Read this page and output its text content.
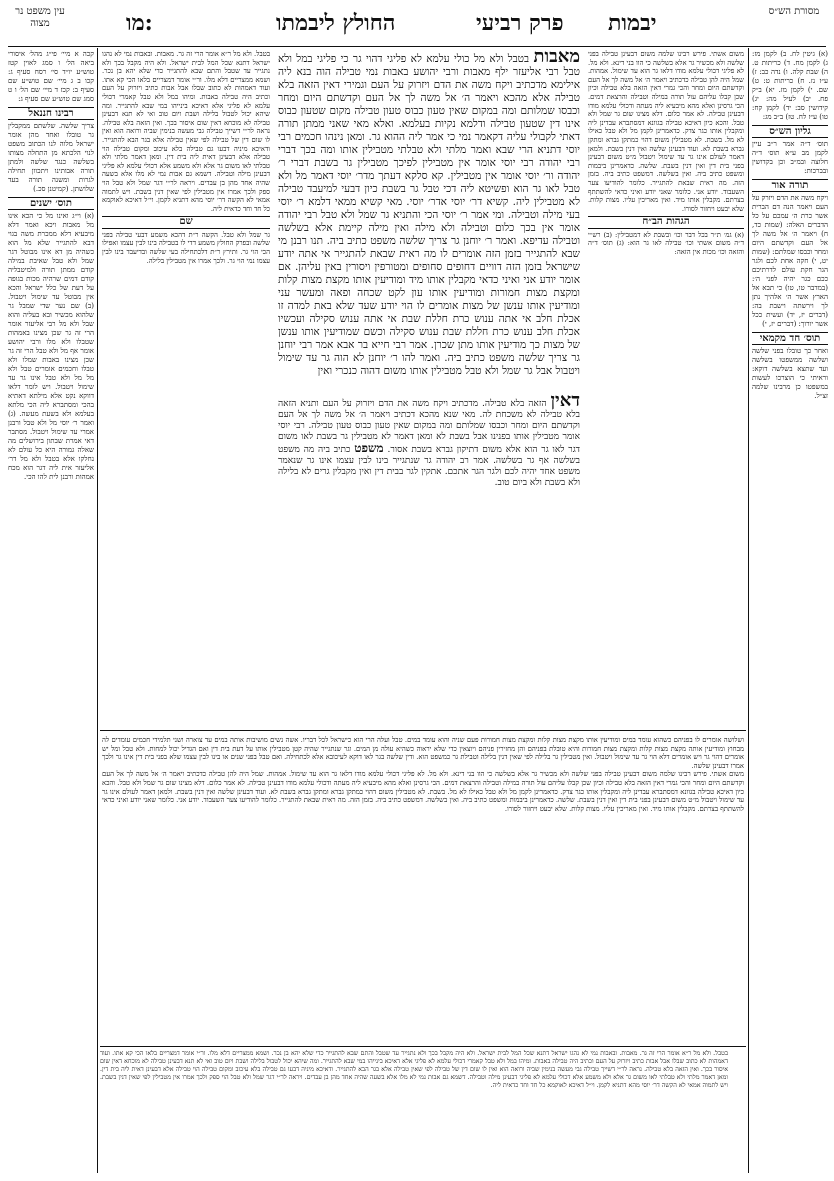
עין משפט נר מצוה	מו:	החולץ ליבמתו	פרק רביעי יבמות	מסורת הש״ס

קכה א מיי׳ פי״ג מהל׳ איסורי ביאה הל׳ ו סמג לאוין קטז טוש״ע יו״ד סי׳ רסח סעיף ג: קכו ב ג מיי׳ שם טוש״ע שם סעיף ב: קכז ד מיי׳ שם הל׳ ו ט סמג שם טוש״ע שם סעיף ג:

רבינו חננאל

צריך שלשה. שלשתם ממקבלין גר טובלו ואחד מהן אומר ישראל מלוה לנו הכתוב משפט לנוי הלכתא מן התחלה מצותו בשלשה כנגד שלשה ולמתן תורה אבותינו ויתכוון תחילה לגרות ומשנה תורה בעד שלושתן. (קמיטנן סכ.)

תוס׳ ישנים

(א) וי״ג ואינו מל כי הכא אינו מל מאבות ויכא ואמר דלא מיבעיא דלא ממכרת משה בגוי דבא להתגייר שלא מל הוא כשהיה מן דא אינו מבוטל דגר שמל ולא טבל שאיבת במילה קודם ממתן תורה ולמיטבליה קודם דמים שרהיה מכות בגופה על דעת של כלל ישראל והכא אין מבוטל עד שימול ויטבול. (ב) שם נער שדי שמבל גר שלהוא מכשיר ובא בעליה והוא שבל ולא מל רבי אליעזר אומר הרי זה גר שכן מצינו באמהות שטבלו ולא מלו ורבי יהושע אומר אף מל ולא טבל הרי זה גר שכן מצינו באבות שמלו ולא טבלו וחכמים אומרים טבל ולא מל מל ולא טבל אינו גר עד שימול ויטבול. ויש לומר דלאו דווקא נקט אלא מילתא דאתיא בהכי ומסתברא ליה הכי מלתא בעלמא ולא בשעת מעשה. (ג) ואמר ר׳ יוסי מל ולא טבל ורבנן אמרי עד שימול ויטבול. מסתבר דאי אמרת שבתון בירושלים מה שאלה גמורה היא כל עולם לא נחלקו אלא בטבל ולא מל דר׳ אליעזר אית ליה דגר הוא מכח אמהות ורבנן לית להו הכי.

בטבל. ולא מל ר״א אומר הרי זה גר. מאבות. ובאבות נמי לא נהגו ישראל דתנא שכל המל לבית ישראל. ולא היה מקבל בכך ולא נתגייר עד שטבל והתם שבא להתגייר כדי שלא יהא בן נכר. ושמא ממצריים דלא מלו. ור״י אומר דמצריים בלאו הכי קא אתו. ועוד דאמהות לא כתוב שבלו אבל אבות כתיב ויזרוק על העם וכתיב היה טבילה באבות. ומיהו במל ולא טבל קאמרי דכולי עלמא לא פליגי אלא דאיכא בינייהו במי שבא להתגייר. ומה שיהא יכול לטבול בלילה ושבת ויום טוב ואי לא תנא דבעינן טבילה לא מוכחא דאין שום איסור בכך. ואין הזאה בלא טבילה. נראה לר״י דשייך טבילה גבי מעשה בנימין שביה ורואה הוא ואין לו שום דין של טבילה לפי שאין טבילה אלא בגר הבא להתגייר. ודאיכא מיניה דבעו גם טבילה בלא עיכוב ומקום טבילה הוי טבילה אלא דבעינן דאית ליה בית דין. ומאן דאמר מלתי ולא טבלתי לאו משום גר אלא ולא משמע אלא דכולי עלמא לא פליגי דבעינן מילה וטבילה. דשמא גם אבות נמי לא מלו אלא בשעה שהיה אחד מהן בן עבדים. ויראה לר״י דגר שמל ולא טבל הוי ספק ולכך אמרו אין מטבילין לפי שאין דנין בשבת. ויש לתמוה אמאי לא הקשה דר׳ יוסי מהא דתניא לקמן. וי״ל דאיכא לאוקמא כל חד וחד כדאית ליה.

שם

גר שמל ולא טבל. הקשה ר״ת דהכא משמע דבעי טבילה בפני שלשה ובפרק החולץ משמע דדי לו בטבילה בינו לבין עצמו ואפילו הכי הוי גר. ותירץ ר״ת דלכתחילה בעי שלשה ובדיעבד בינו לבין עצמו נמי הוי גר. ולכך אמרו אין מטבילין בלילה.

מאבות בטבל ולא מל כולי עלמא לא פליגי דהוי גר כי פליגי במל ולא טבל רבי אליעזר ילף מאבות ורבי יהושע באבות נמי טבילה הוה בנא ליה אילימא מדכתיב ויקח משה את הדם ויזרוק על העם וגמירי דאין הזאה בלא טבילה אלא מהכא ויאמר ה׳ אל משה לך אל העם וקדשתם היום ומחר וכבסו שמלותם ומה במקום שאין טעון כבוס טעון טבילה מקום שטעון כבוס אינו דין שטעון טבילה ודלמא נקיות בעלמא. ואלא מאי שאני ממתן תורה דאתי לקבולי עליה דקאמר נמי כי אמר ליה ההוא גר. ומאן נינהו חכמים רבי יוסי דתניא הרי שבא ואמר מלתי ולא טבלתי מטבילין אותו ומה בכך דברי רבי יהודה רבי יוסי אומר אין מטבילין לפיכך מטבילין גר בשבת דברי ר׳ יהודה ור׳ יוסי אומר אין מטבילין. קא סלקא דעתך מדר׳ יוסי דאמר מל ולא טבל לאו גר הוא ופשיטא ליה דכי טבל גר בשבת כיון דבעי למיעבד טבילה לא מטבילין ליה. קשיא דר׳ יוסי אדר׳ יוסי. מאי קשיא ממאי דלמא ר׳ יוסי בעי מילה וטבילה. ומי אמר ר׳ יוסי הכי והתניא גר שמל ולא טבל רבי יהודה אומר אין בכך כלום וטבילה ולא מילה ואין מילה קיימת אלא בשלשה וטבילה עדיפא. ואמר ר׳ יוחנן גר צריך שלשה משפט כתיב ביה. תנו רבנן מי שבא להתגייר בזמן הזה אומרים לו מה ראית שבאת להתגייר אי אתה יודע שישראל בזמן הזה דוויים דחופים סחופים ומטורפין ויסורין באין עליהן. אם אומר יודע אני ואיני כדאי מקבלין אותו מיד ומודיעין אותו מקצת מצות קלות ומקצת מצות חמורות ומודיעין אותו עון לקט שכחה ופאה ומעשר עני ומודיעין אותו ענשן של מצות אומרים לו הוי יודע שעד שלא באת למדה זו אכלת חלב אי אתה ענוש כרת חללת שבת אי אתה ענוש סקילה ועכשיו אכלת חלב ענוש כרת חללת שבת ענוש סקילה וכשם שמודיעין אותו ענשן של מצות כך מודיעין אותו מתן שכרן. אמר רבי חייא בר אבא אמר רבי יוחנן גר צריך שלשה משפט כתיב ביה. ואמר להו ר׳ יוחנן לא הוה גר עד שימול ויטבול אבל גר שמל ולא טבל מטבילין אותו משום דהוה כנכרי ואין
דאין הזאה בלא טבילה. מדכתיב ויקח משה את הדם ויזרוק על העם ותניא הזאה בלא טבילה לא משכחת לה. מאי שנא מהכא דכתיב ויאמר ה׳ אל משה לך אל העם וקדשתם היום ומחר וכבסו שמלותם ומה במקום שאין טעון כבוס טעון טבילה. רבי יוסי אומר מטבילין אותו בפנינו אבל בשבת לא ומאן דאמר לא מטבילין גר בשבת לאו משום דגר לאו גר הוא אלא משום דתיקון גברא בשבת אסור. משפט כתיב ביה מה משפט בשלשה אף גר בשלשה. אמר רב יהודה גר שנתגייר בינו לבין עצמו אינו גר שנאמר משפט אחד יהיה לכם ולגר הגר אתכם. אתקין לגר בבית דין ואין מקבלין גרים לא בלילה ולא בשבת ולא ביום טוב.

משום אשתי. פירש רבינו שלמה משום דבעינן טבילה בפני שלשה ולא מכשיר גר אלא בשלשה כי הוו בני דינא. ולא מל. לא פליגי דכולי עלמא מודו דלאו גר הוא עד שימול. אמהות. שמל היה להן טבילה כדכתיב ויאמר ה׳ אל משה לך אל העם וקדשתם היום ומחר והכי גמרי דאין הזאה בלא טבילה וכיון שכן קבלו עליהם עול תורה במילה וטבילה והרצאת דמים. הכי גרסינן ואלא מהא מיבעיא ליה מעתה ודכולי עלמא מודו דבעינן טבילה. לא אמר כלום. דלא מצינו שום גר שמל ולא טבל. והכא כיון דאיכא טבילה בגוונא דמסתברא עבדינן ליה ומקבלין אותו כגר צדק. כדאמרינן לקמן מל ולא טבל כאילו לא מל. בשבת. לא מטבילין משום דהוי כמתקן גברא ומתקן גברא בשבת לא. ועוד דבעינן שלשה ואין דנין בשבת. ולמאן דאמר לעולם אינו גר עד שימול ויטבול מ״ט משום דבעינן בפני בית דין ואין דנין בשבת. שלשה. כדאמרינן ביבמות ומשפט כתיב ביה. ואין בשלשה. דמשפט כתיב ביה. בזמן הזה. מה ראית שבאת להתגייר. כלומר להודיעו צער השעבוד. יודע אני. כלומר שאני יודע ואיני כדאי להשתתף בצרתם. מקבלין אותו מיד. ואין מאריכין עליו. מצות קלות. שלא יבעט ויחזור לסורו.

הגהות הב״ח

(א) גמ׳ ת״ר בכל דבר וכו׳ ובשבת לא דמטבילין: (ב) רש״י ד״ה משום אשתי וכו׳ טבילה לאו גר הוא: (ג) תוס׳ ד״ה והזאה וכו׳ מכות אין הזאה:

(א) גיטין לח. ב) לקמן מז: ג) לקמן מח. ד) כריתות ט. ה) שבת קלה. ו) נדה כב: ז) ע״ז נז. ח) כריתות ט: ט) שם. י) לקמן מז. יא) ב״ק פח. יב) לעיל מה: יג) קידושין סב: יד) לקמן קח: טו) ע״ז לח. טז) ב״ב מג:

גליון הש״ס

תוס׳ ד״ה אמר ר״ב עיין לקמן מב ע״א תוס׳ ד״ה חלוצה ובמ״ב וכן בקדושין ובברכות:

תורה אור

ויקח משה את הדם ויזרק על העם ויאמר הנה דם הברית אשר כרת ה׳ עמכם על כל הדברים האלה: (שמות כד, ח) ויאמר ה׳ אל משה לך אל העם וקדשתם היום ומחר וכבסו שמלתם: (שמות יט, י) חקה אחת לכם ולגר הגר חקת עולם לדרתיכם ככם כגר יהיה לפני ה׳: (במדבר טו, טו) כי תבא אל הארץ אשר ה׳ אלהיך נתן לך וירשתה וישבת בה: (דברים יז, יד) ועשית ככל אשר יורוך: (דברים יז, י)

תוס׳ חד מקמאי

ואחר כך טובלו בפני שלשה ושלשה ממשפטו בשלשה ועד שתצא בשלשה דוקא: וראיתי כי הוצרכו לעשות במשפטו כן מרבינו שלמה זצ״ל.

ושלושה אומרים לו בפניהם כשהוא עומד במים ומודיעין אותו מקצת מצות קלות ומקצת מצות חמורות פעם שניה והוא עומד במים. טבל ועלה הרי הוא כישראל לכל דבריו. אשה נשים מושיבות אותה במים עד צוארה ושני תלמידי חכמים עומדים לה מבחוץ ומודיעין אותה מקצת מצות קלות ומקצת מצות חמורות והיא טובלת בפניהם והן מחזירין פניהם ויוצאין כדי שלא יראוה כשהיא עולה מן המים. וגר שנתגייר שהיה קטן מטבילין אותו על דעת בית דין ואם הגדיל יכול למחות. ולא טבל ומל יש אומרים דהוי גר ויש אומרים דלא הוי גר עד שימול ויטבול. ואין מטבילין גר בלילה לפי שאין דנין בלילה וטבילת גר כמשפט הוא. ודין שלשה בגר לאו דוקא לעיכובא אלא לכתחילה. ואם טבל בפני שנים או בינו לבין עצמו שלא בפני בית דין אינו גר ולכך אמרו דבעינן שלשה.

משום אשתי. פירש רבינו שלמה משום דבעינן טבילה בפני שלשה ולא מכשיר גר אלא בשלשה כי הוו בני דינא. ולא מל. לא פליגי דכולי עלמא מודו דלאו גר הוא עד שימול. אמהות. שמל היה להן טבילה כדכתיב ויאמר ה׳ אל משה לך אל העם וקדשתם היום ומחר והכי גמרי דאין הזאה בלא טבילה וכיון שכן קבלו עליהם עול תורה במילה וטבילה והרצאת דמים. הכי גרסינן ואלא מהא מיבעיא ליה מעתה ודכולי עלמא מודו דבעינן טבילה. לא אמר כלום. דלא מצינו שום גר שמל ולא טבל. והכא כיון דאיכא טבילה בגוונא דמסתברא עבדינן ליה ומקבלין אותו כגר צדק. כדאמרינן לקמן מל ולא טבל כאילו לא מל. בשבת. לא מטבילין משום דהוי כמתקן גברא ומתקן גברא בשבת לא. ועוד דבעינן שלשה ואין דנין בשבת. ולמאן דאמר לעולם אינו גר עד שימול ויטבול מ״ט משום דבעינן בפני בית דין ואין דנין בשבת. שלשה. כדאמרינן ביבמות ומשפט כתיב ביה. ואין בשלשה. דמשפט כתיב ביה. בזמן הזה. מה ראית שבאת להתגייר. כלומר להודיעו צער השעבוד. יודע אני. כלומר שאני יודע ואיני כדאי להשתתף בצרתם. מקבלין אותו מיד. ואין מאריכין עליו. מצות קלות. שלא יבעט ויחזור לסורו.

בטבל. ולא מל ר״א אומר הרי זה גר. מאבות. ובאבות נמי לא נהגו ישראל דתנא שכל המל לבית ישראל. ולא היה מקבל בכך ולא נתגייר עד שטבל והתם שבא להתגייר כדי שלא יהא בן נכר. ושמא ממצריים דלא מלו. ור״י אומר דמצריים בלאו הכי קא אתו. ועוד דאמהות לא כתוב שבלו אבל אבות כתיב ויזרוק על העם וכתיב היה טבילה באבות. ומיהו במל ולא טבל קאמרי דכולי עלמא לא פליגי אלא דאיכא בינייהו במי שבא להתגייר. ומה שיהא יכול לטבול בלילה ושבת ויום טוב ואי לא תנא דבעינן טבילה לא מוכחא דאין שום איסור בכך. ואין הזאה בלא טבילה. נראה לר״י דשייך טבילה גבי מעשה בנימין שביה ורואה הוא ואין לו שום דין של טבילה לפי שאין טבילה אלא בגר הבא להתגייר. ודאיכא מיניה דבעו גם טבילה בלא עיכוב ומקום טבילה הוי טבילה אלא דבעינן דאית ליה בית דין. ומאן דאמר מלתי ולא טבלתי לאו משום גר אלא ולא משמע אלא דכולי עלמא לא פליגי דבעינן מילה וטבילה. דשמא גם אבות נמי לא מלו אלא בשעה שהיה אחד מהן בן עבדים. ויראה לר״י דגר שמל ולא טבל הוי ספק ולכך אמרו אין מטבילין לפי שאין דנין בשבת. ויש לתמוה אמאי לא הקשה דר׳ יוסי מהא דתניא לקמן. וי״ל דאיכא לאוקמא כל חד וחד כדאית ליה.
